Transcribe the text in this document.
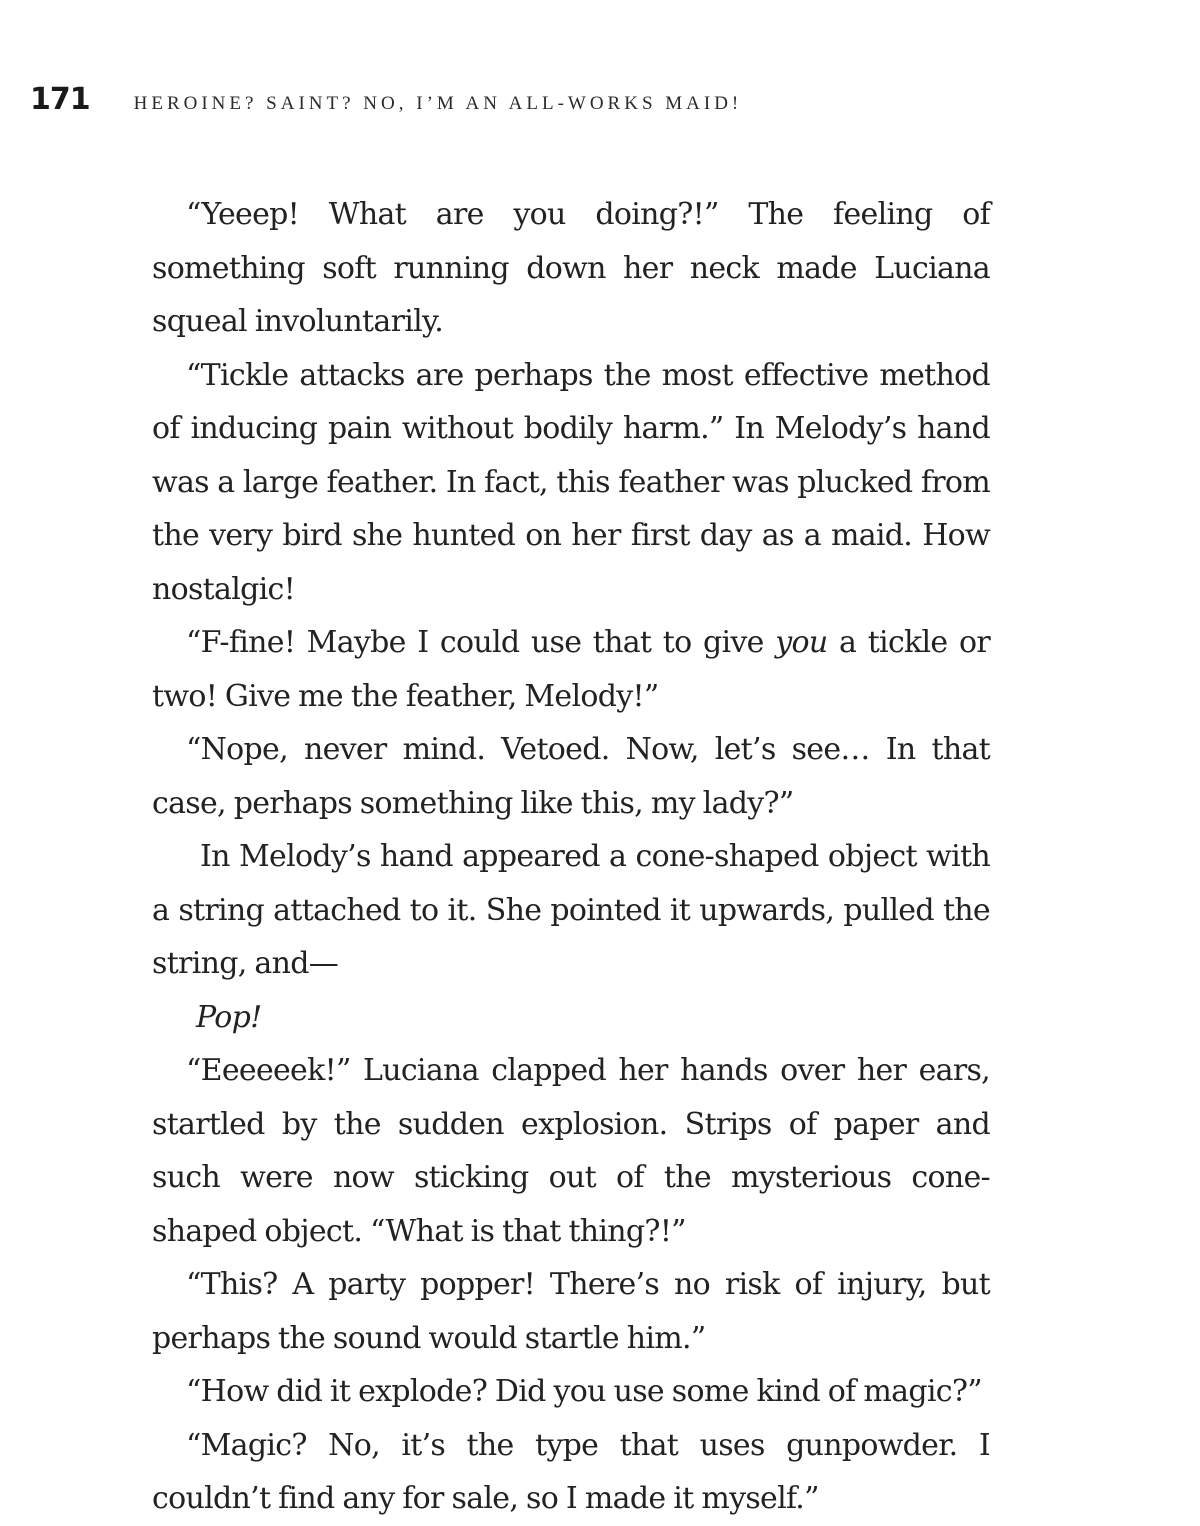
171 HEROINE? SAINT? NO, I’M AN ALL-WORKS MAID!

“Yeeep! What are you doing?!” The feeling of something soft running down her neck made Luciana squeal involuntarily.

“Tickle attacks are perhaps the most effective method of inducing pain without bodily harm.” In Melody’s hand was a large feather. In fact, this feather was plucked from the very bird she hunted on her first day as a maid. How nostalgic!

“F-fine! Maybe I could use that to give you a tickle or two! Give me the feather, Melody!”

“Nope, never mind. Vetoed. Now, let’s see… In that case, perhaps something like this, my lady?”

In Melody’s hand appeared a cone-shaped object with a string attached to it. She pointed it upwards, pulled the string, and—

Pop!

“Eeeeeek!” Luciana clapped her hands over her ears, startled by the sudden explosion. Strips of paper and such were now sticking out of the mysterious cone-shaped object. “What is that thing?!”

“This? A party popper! There’s no risk of injury, but perhaps the sound would startle him.”

“How did it explode? Did you use some kind of magic?”

“Magic? No, it’s the type that uses gunpowder. I couldn’t find any for sale, so I made it myself.”
